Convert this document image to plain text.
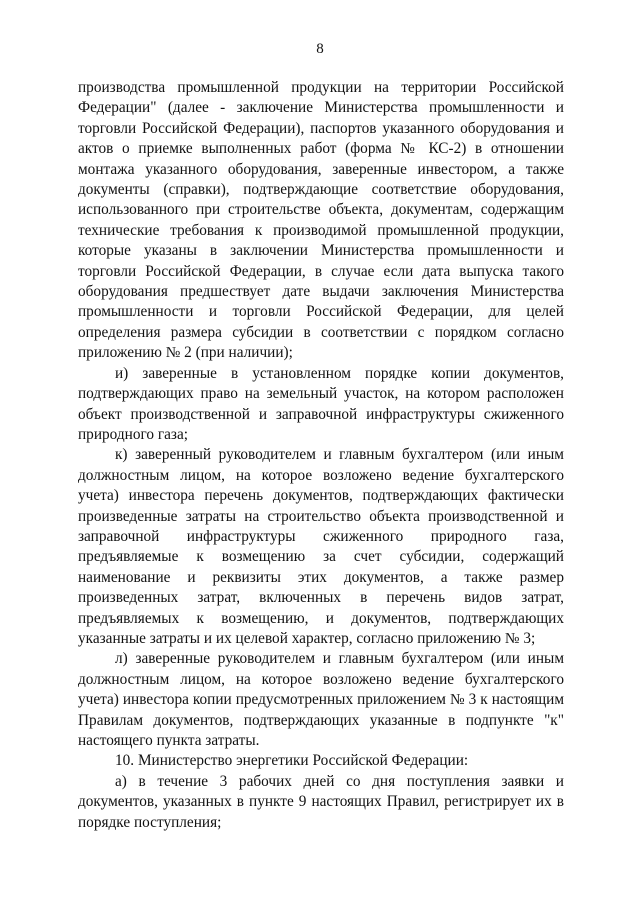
8

производства промышленной продукции на территории Российской Федерации" (далее - заключение Министерства промышленности и торговли Российской Федерации), паспортов указанного оборудования и актов о приемке выполненных работ (форма № КС-2) в отношении монтажа указанного оборудования, заверенные инвестором, а также документы (справки), подтверждающие соответствие оборудования, использованного при строительстве объекта, документам, содержащим технические требования к производимой промышленной продукции, которые указаны в заключении Министерства промышленности и торговли Российской Федерации, в случае если дата выпуска такого оборудования предшествует дате выдачи заключения Министерства промышленности и торговли Российской Федерации, для целей определения размера субсидии в соответствии с порядком согласно приложению № 2 (при наличии);

и) заверенные в установленном порядке копии документов, подтверждающих право на земельный участок, на котором расположен объект производственной и заправочной инфраструктуры сжиженного природного газа;

к) заверенный руководителем и главным бухгалтером (или иным должностным лицом, на которое возложено ведение бухгалтерского учета) инвестора перечень документов, подтверждающих фактически произведенные затраты на строительство объекта производственной и заправочной инфраструктуры сжиженного природного газа, предъявляемые к возмещению за счет субсидии, содержащий наименование и реквизиты этих документов, а также размер произведенных затрат, включенных в перечень видов затрат, предъявляемых к возмещению, и документов, подтверждающих указанные затраты и их целевой характер, согласно приложению № 3;

л) заверенные руководителем и главным бухгалтером (или иным должностным лицом, на которое возложено ведение бухгалтерского учета) инвестора копии предусмотренных приложением № 3 к настоящим Правилам документов, подтверждающих указанные в подпункте "к" настоящего пункта затраты.

10. Министерство энергетики Российской Федерации:

а) в течение 3 рабочих дней со дня поступления заявки и документов, указанных в пункте 9 настоящих Правил, регистрирует их в порядке поступления;
